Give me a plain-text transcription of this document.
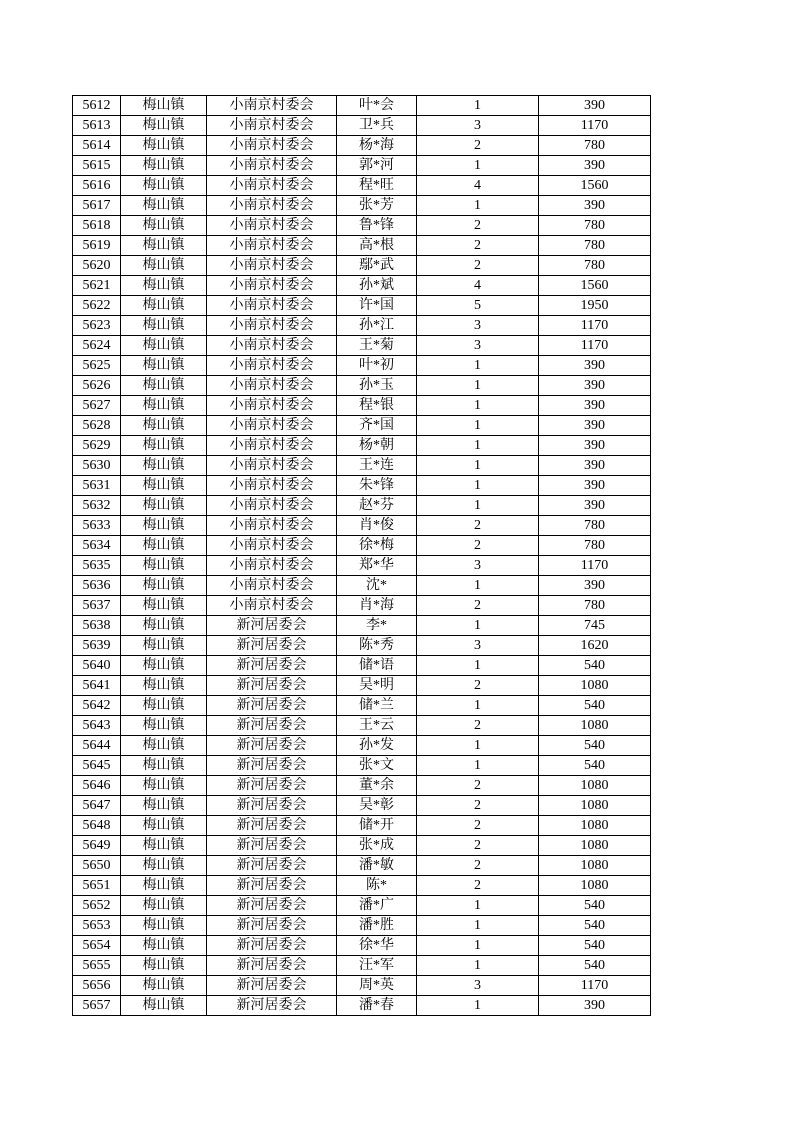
5612	梅山镇	小南京村委会	叶*会	1	390
5613	梅山镇	小南京村委会	卫*兵	3	1170
5614	梅山镇	小南京村委会	杨*海	2	780
5615	梅山镇	小南京村委会	郭*河	1	390
5616	梅山镇	小南京村委会	程*旺	4	1560
5617	梅山镇	小南京村委会	张*芳	1	390
5618	梅山镇	小南京村委会	鲁*锋	2	780
5619	梅山镇	小南京村委会	高*根	2	780
5620	梅山镇	小南京村委会	鄢*武	2	780
5621	梅山镇	小南京村委会	孙*斌	4	1560
5622	梅山镇	小南京村委会	许*国	5	1950
5623	梅山镇	小南京村委会	孙*江	3	1170
5624	梅山镇	小南京村委会	王*菊	3	1170
5625	梅山镇	小南京村委会	叶*初	1	390
5626	梅山镇	小南京村委会	孙*玉	1	390
5627	梅山镇	小南京村委会	程*银	1	390
5628	梅山镇	小南京村委会	齐*国	1	390
5629	梅山镇	小南京村委会	杨*朝	1	390
5630	梅山镇	小南京村委会	王*连	1	390
5631	梅山镇	小南京村委会	朱*锋	1	390
5632	梅山镇	小南京村委会	赵*芬	1	390
5633	梅山镇	小南京村委会	肖*俊	2	780
5634	梅山镇	小南京村委会	徐*梅	2	780
5635	梅山镇	小南京村委会	郑*华	3	1170
5636	梅山镇	小南京村委会	沈*	1	390
5637	梅山镇	小南京村委会	肖*海	2	780
5638	梅山镇	新河居委会	李*	1	745
5639	梅山镇	新河居委会	陈*秀	3	1620
5640	梅山镇	新河居委会	储*语	1	540
5641	梅山镇	新河居委会	吴*明	2	1080
5642	梅山镇	新河居委会	储*兰	1	540
5643	梅山镇	新河居委会	王*云	2	1080
5644	梅山镇	新河居委会	孙*发	1	540
5645	梅山镇	新河居委会	张*文	1	540
5646	梅山镇	新河居委会	董*余	2	1080
5647	梅山镇	新河居委会	吴*彰	2	1080
5648	梅山镇	新河居委会	储*开	2	1080
5649	梅山镇	新河居委会	张*成	2	1080
5650	梅山镇	新河居委会	潘*敏	2	1080
5651	梅山镇	新河居委会	陈*	2	1080
5652	梅山镇	新河居委会	潘*广	1	540
5653	梅山镇	新河居委会	潘*胜	1	540
5654	梅山镇	新河居委会	徐*华	1	540
5655	梅山镇	新河居委会	汪*军	1	540
5656	梅山镇	新河居委会	周*英	3	1170
5657	梅山镇	新河居委会	潘*春	1	390
